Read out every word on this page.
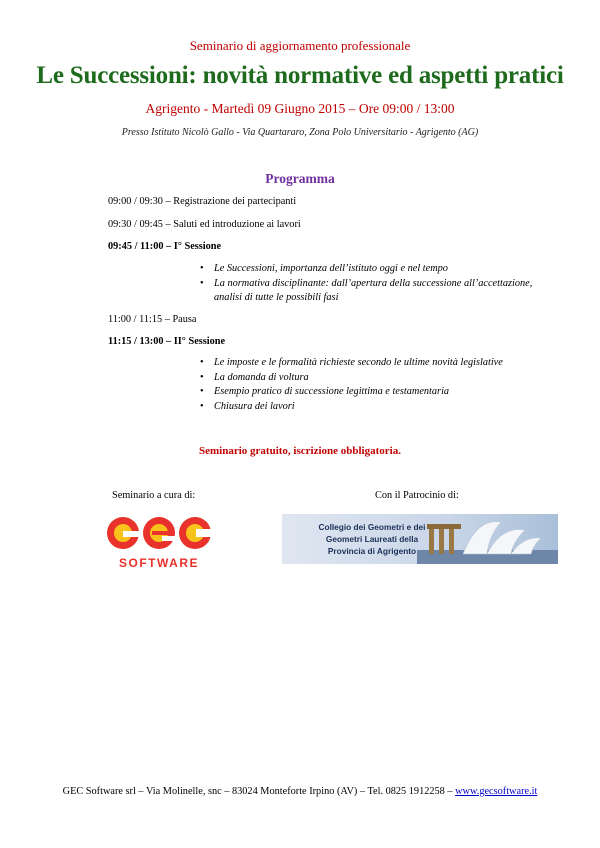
Seminario di aggiornamento professionale
Le Successioni: novità normative ed aspetti pratici
Agrigento - Martedì 09 Giugno 2015 – Ore 09:00 / 13:00
Presso Istituto Nicolò Gallo - Via Quartararo, Zona Polo Universitario - Agrigento (AG)
Programma
09:00 / 09:30 – Registrazione dei partecipanti
09:30 / 09:45 – Saluti ed introduzione ai lavori
09:45 / 11:00 – I° Sessione
• Le Successioni, importanza dell’istituto oggi e nel tempo
• La normativa disciplinante: dall’apertura della successione all’accettazione, analisi di tutte le possibili fasi
11:00 / 11:15 – Pausa
11:15 / 13:00 – II° Sessione
• Le imposte e le formalità richieste secondo le ultime novità legislative
• La domanda di voltura
• Esempio pratico di successione legittima e testamentaria
• Chiusura dei lavori
Seminario gratuito, iscrizione obbligatoria.
Seminario a cura di:	Con il Patrocinio di:
SOFTWARE
Collegio dei Geometri e dei
Geometri Laureati della
Provincia di Agrigento
GEC Software srl – Via Molinelle, snc – 83024 Monteforte Irpino (AV) – Tel. 0825 1912258 – www.gecsoftware.it
